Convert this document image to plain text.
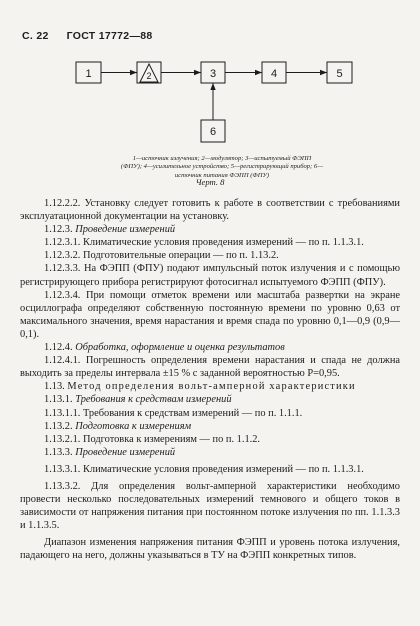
С. 22 ГОСТ 17772—88
1	2	3	4	5
6
1—источник излучения; 2—модулятор; 3—испытуемый ФЭПП
(ФПУ); 4—усилительное устройство; 5—регистрирующий прибор; 6—
источник питания ФЭПП (ФПУ)
Черт. 8

1.12.2.2. Установку следует готовить к работе в соответствии с требованиями эксплуатационной документации на установку.

1.12.3. Проведение измерений

1.12.3.1. Климатические условия проведения измерений — по п. 1.1.3.1.

1.12.3.2. Подготовительные операции — по п. 1.13.2.

1.12.3.3. На ФЭПП (ФПУ) подают импульсный поток излучения и с помощью регистрирующего прибора регистрируют фотосигнал испытуемого ФЭПП (ФПУ).

1.12.3.4. При помощи отметок времени или масштаба развертки на экране осциллографа определяют собственную постоянную времени по уровню 0,63 от максимального значения, время нарастания и время спада по уровню 0,1—0,9 (0,9—0,1).

1.12.4. Обработка, оформление и оценка результатов

1.12.4.1. Погрешность определения времени нарастания и спада не должна выходить за пределы интервала ±15 % с заданной вероятностью P=0,95.

1.13. Метод определения вольт-амперной характеристики

1.13.1. Требования к средствам измерений

1.13.1.1. Требования к средствам измерений — по п. 1.1.1.

1.13.2. Подготовка к измерениям

1.13.2.1. Подготовка к измерениям — по п. 1.1.2.

1.13.3. Проведение измерений

1.13.3.1. Климатические условия проведения измерений — по п. 1.1.3.1.

1.13.3.2. Для определения вольт-амперной характеристики необходимо провести несколько последовательных измерений темнового и общего токов в зависимости от напряжения питания при постоянном потоке излучения по пп. 1.1.3.3 и 1.1.3.5.

Диапазон изменения напряжения питания ФЭПП и уровень потока излучения, падающего на него, должны указываться в ТУ на ФЭПП конкретных типов.
